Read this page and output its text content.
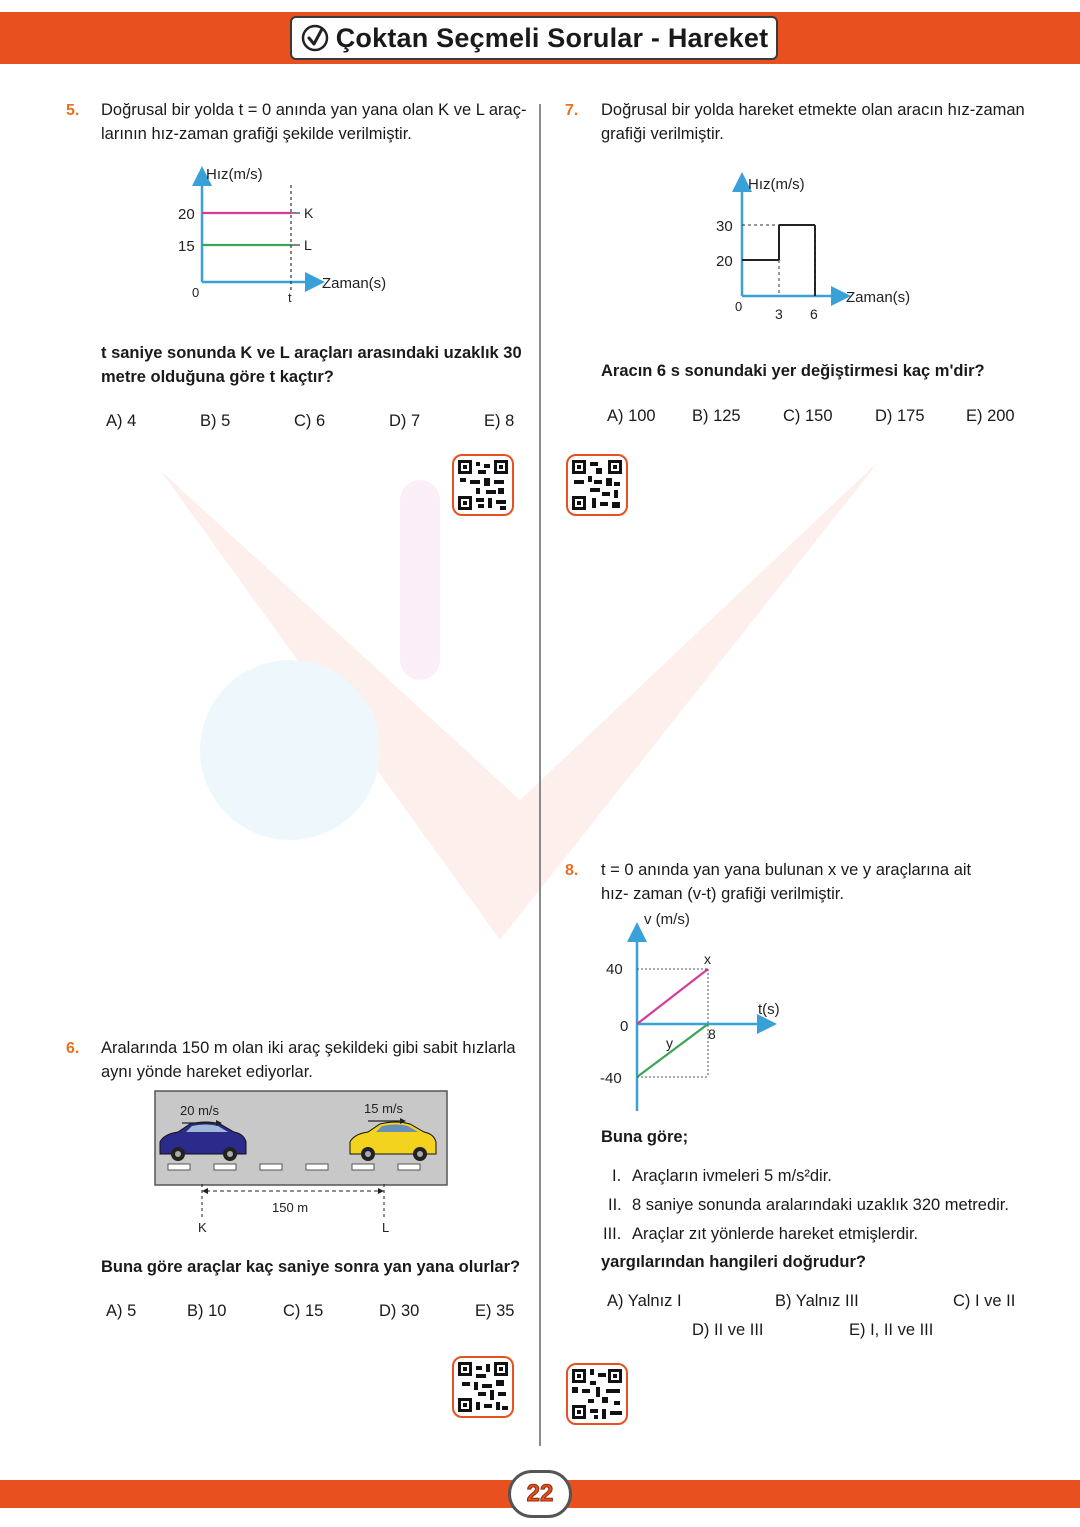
Çoktan Seçmeli Sorular - Hareket
5. Doğrusal bir yolda t = 0 anında yan yana olan K ve L araç-
larının hız-zaman grafiği şekilde verilmiştir.
Hız(m/s)
20
15
0	t
K
L
Zaman(s)
t saniye sonunda K ve L araçları arasındaki uzaklık 30
metre olduğuna göre t kaçtır?
A) 4	B) 5	C) 6	D) 7	E) 8
6. Aralarında 150 m olan iki araç şekildeki gibi sabit hızlarla
aynı yönde hareket ediyorlar.
20 m/s	15 m/s
150 m
K	L
Buna göre araçlar kaç saniye sonra yan yana olurlar?
A) 5	B) 10	C) 15	D) 30	E) 35
7. Doğrusal bir yolda hareket etmekte olan aracın hız-zaman
grafiği verilmiştir.
Hız(m/s)
30
20
0 3 6
Zaman(s)
Aracın 6 s sonundaki yer değiştirmesi kaç m'dir?
A) 100 B) 125	C) 150	D) 175	E) 200
8. t = 0 anında yan yana bulunan x ve y araçlarına ait
hız- zaman (v-t) grafiği verilmiştir.
v (m/s)
40
0
-40
8
x
y
t(s)
Buna göre;
I. Araçların ivmeleri 5 m/s²dir.
II. 8 saniye sonunda aralarındaki uzaklık 320 metredir.
III. Araçlar zıt yönlerde hareket etmişlerdir.
yargılarından hangileri doğrudur?
A) Yalnız I	B) Yalnız III	C) I ve II
D) II ve III	E) I, II ve III
22
